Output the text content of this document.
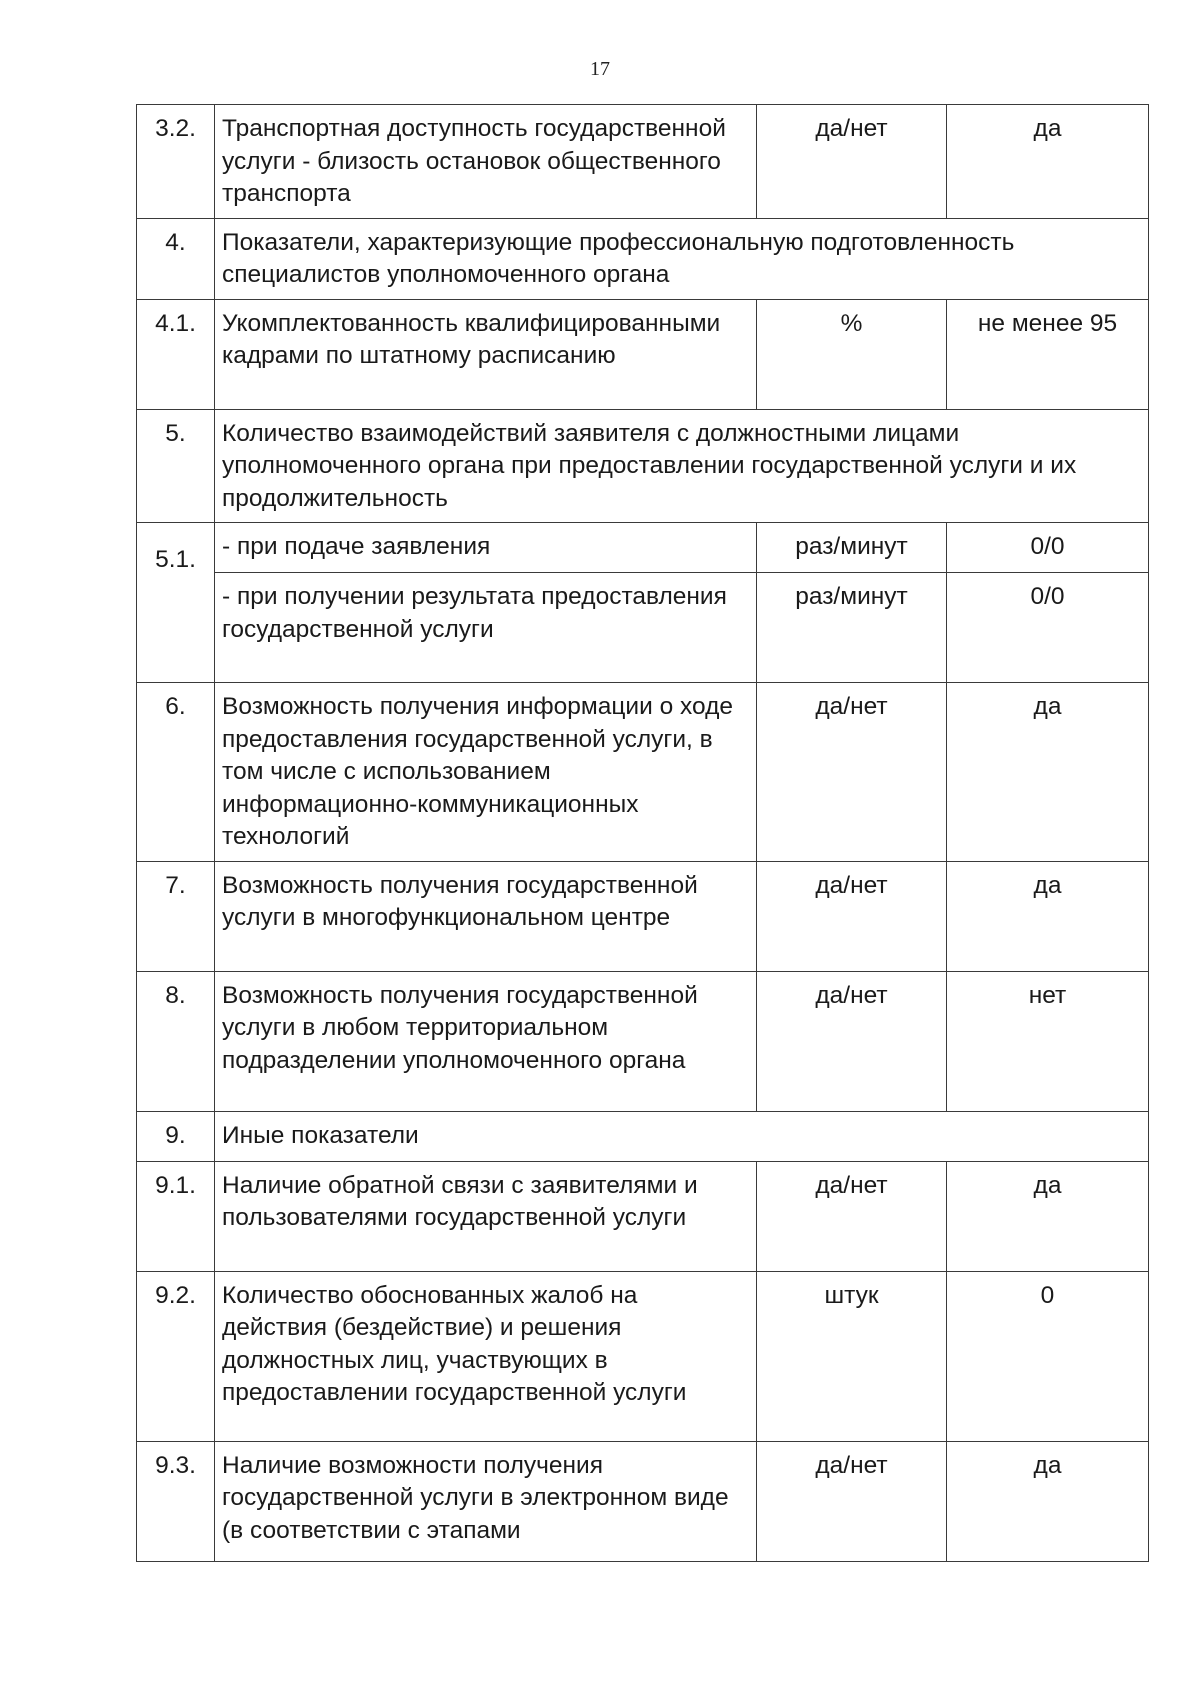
17
3.2.	Транспортная доступность государственной услуги - близость остановок общественного транспорта	да/нет	да
4.	Показатели, характеризующие профессиональную подготовленность специалистов уполномоченного органа		
4.1.	Укомплектованность квалифицированными кадрами по штатному расписанию	%	не менее 95
5.	Количество взаимодействий заявителя с должностными лицами уполномоченного органа при предоставлении государственной услуги и их продолжительность		
5.1.	- при подаче заявления	раз/минут	0/0
	- при получении результата предоставления государственной услуги	раз/минут	0/0
6.	Возможность получения информации о ходе предоставления государственной услуги, в том числе с использованием информационно-коммуникационных технологий	да/нет	да
7.	Возможность получения государственной услуги в многофункциональном центре	да/нет	да
8.	Возможность получения государственной услуги в любом территориальном подразделении уполномоченного органа	да/нет	нет
9.	Иные показатели		
9.1.	Наличие обратной связи с заявителями и пользователями государственной услуги	да/нет	да
9.2.	Количество обоснованных жалоб на действия (бездействие) и решения должностных лиц, участвующих в предоставлении государственной услуги	штук	0
9.3.	Наличие возможности получения государственной услуги в электронном виде (в соответствии с этапами	да/нет	да
